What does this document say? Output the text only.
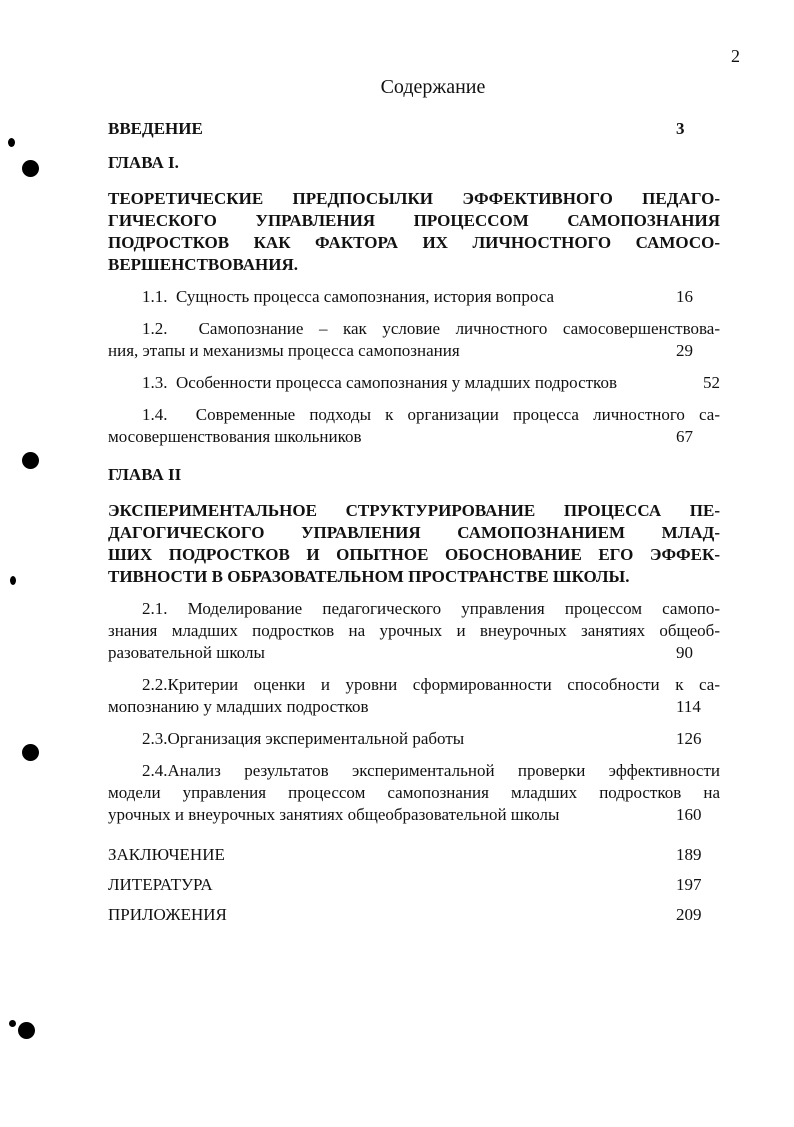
2
Содержание
ВВЕДЕНИЕ	3
ГЛАВА I.
ТЕОРЕТИЧЕСКИЕ ПРЕДПОСЫЛКИ ЭФФЕКТИВНОГО ПЕДАГО-
ГИЧЕСКОГО УПРАВЛЕНИЯ ПРОЦЕССОМ САМОПОЗНАНИЯ
ПОДРОСТКОВ КАК ФАКТОРА ИХ ЛИЧНОСТНОГО САМОСО-
ВЕРШЕНСТВОВАНИЯ.
1.1. Сущность процесса самопознания, история вопроса	16
1.2. Самопознание – как условие личностного самосовершенствова-
ния, этапы и механизмы процесса самопознания	29
1.3. Особенности процесса самопознания у младших подростков	52
1.4. Современные подходы к организации процесса личностного са-
мосовершенствования школьников	67
ГЛАВА II
ЭКСПЕРИМЕНТАЛЬНОЕ СТРУКТУРИРОВАНИЕ ПРОЦЕССА ПЕ-
ДАГОГИЧЕСКОГО УПРАВЛЕНИЯ САМОПОЗНАНИЕМ МЛАД-
ШИХ ПОДРОСТКОВ И ОПЫТНОЕ ОБОСНОВАНИЕ ЕГО ЭФФЕК-
ТИВНОСТИ В ОБРАЗОВАТЕЛЬНОМ ПРОСТРАНСТВЕ ШКОЛЫ.
2.1. Моделирование педагогического управления процессом самопо-
знания младших подростков на урочных и внеурочных занятиях общеоб-
разовательной школы	90
2.2.Критерии оценки и уровни сформированности способности к са-
мопознанию у младших подростков	114
2.3.Организация экспериментальной работы	126
2.4.Анализ результатов экспериментальной проверки эффективности
модели управления процессом самопознания младших подростков на
урочных и внеурочных занятиях общеобразовательной школы	160
ЗАКЛЮЧЕНИЕ	189
ЛИТЕРАТУРА	197
ПРИЛОЖЕНИЯ	209
